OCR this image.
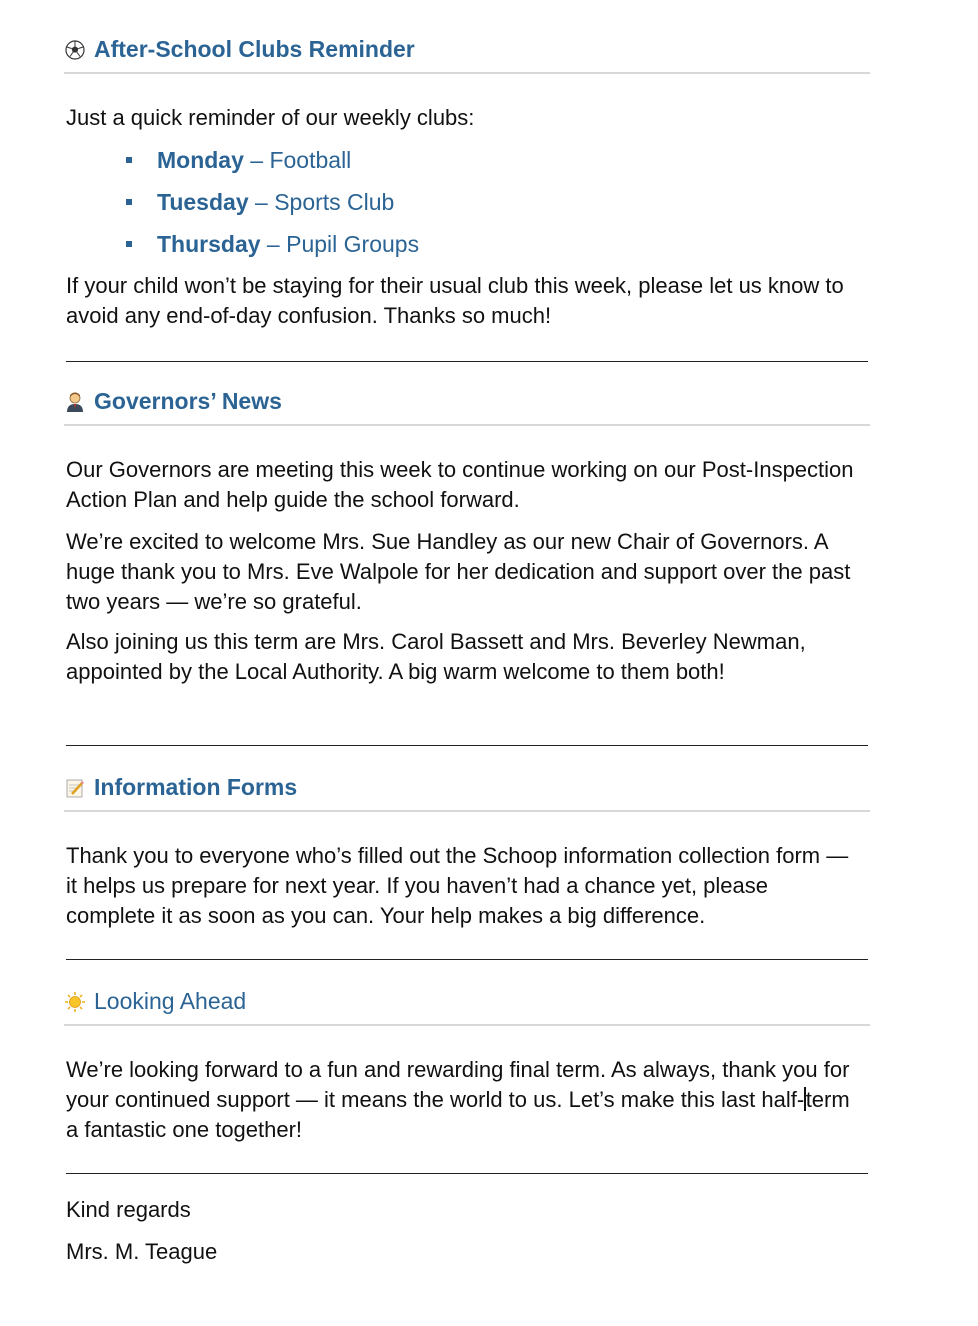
After-School Clubs Reminder

Just a quick reminder of our weekly clubs:

Monday – Football
Tuesday – Sports Club
Thursday – Pupil Groups

If your child won’t be staying for their usual club this week, please let us know to avoid any end-of-day confusion. Thanks so much!

Governors’ News

Our Governors are meeting this week to continue working on our Post-Inspection Action Plan and help guide the school forward.

We’re excited to welcome Mrs. Sue Handley as our new Chair of Governors. A huge thank you to Mrs. Eve Walpole for her dedication and support over the past two years — we’re so grateful.

Also joining us this term are Mrs. Carol Bassett and Mrs. Beverley Newman, appointed by the Local Authority. A big warm welcome to them both!

Information Forms

Thank you to everyone who’s filled out the Schoop information collection form — it helps us prepare for next year. If you haven’t had a chance yet, please complete it as soon as you can. Your help makes a big difference.

Looking Ahead

We’re looking forward to a fun and rewarding final term. As always, thank you for your continued support — it means the world to us. Let’s make this last half-term a fantastic one together!

Kind regards

Mrs. M. Teague
